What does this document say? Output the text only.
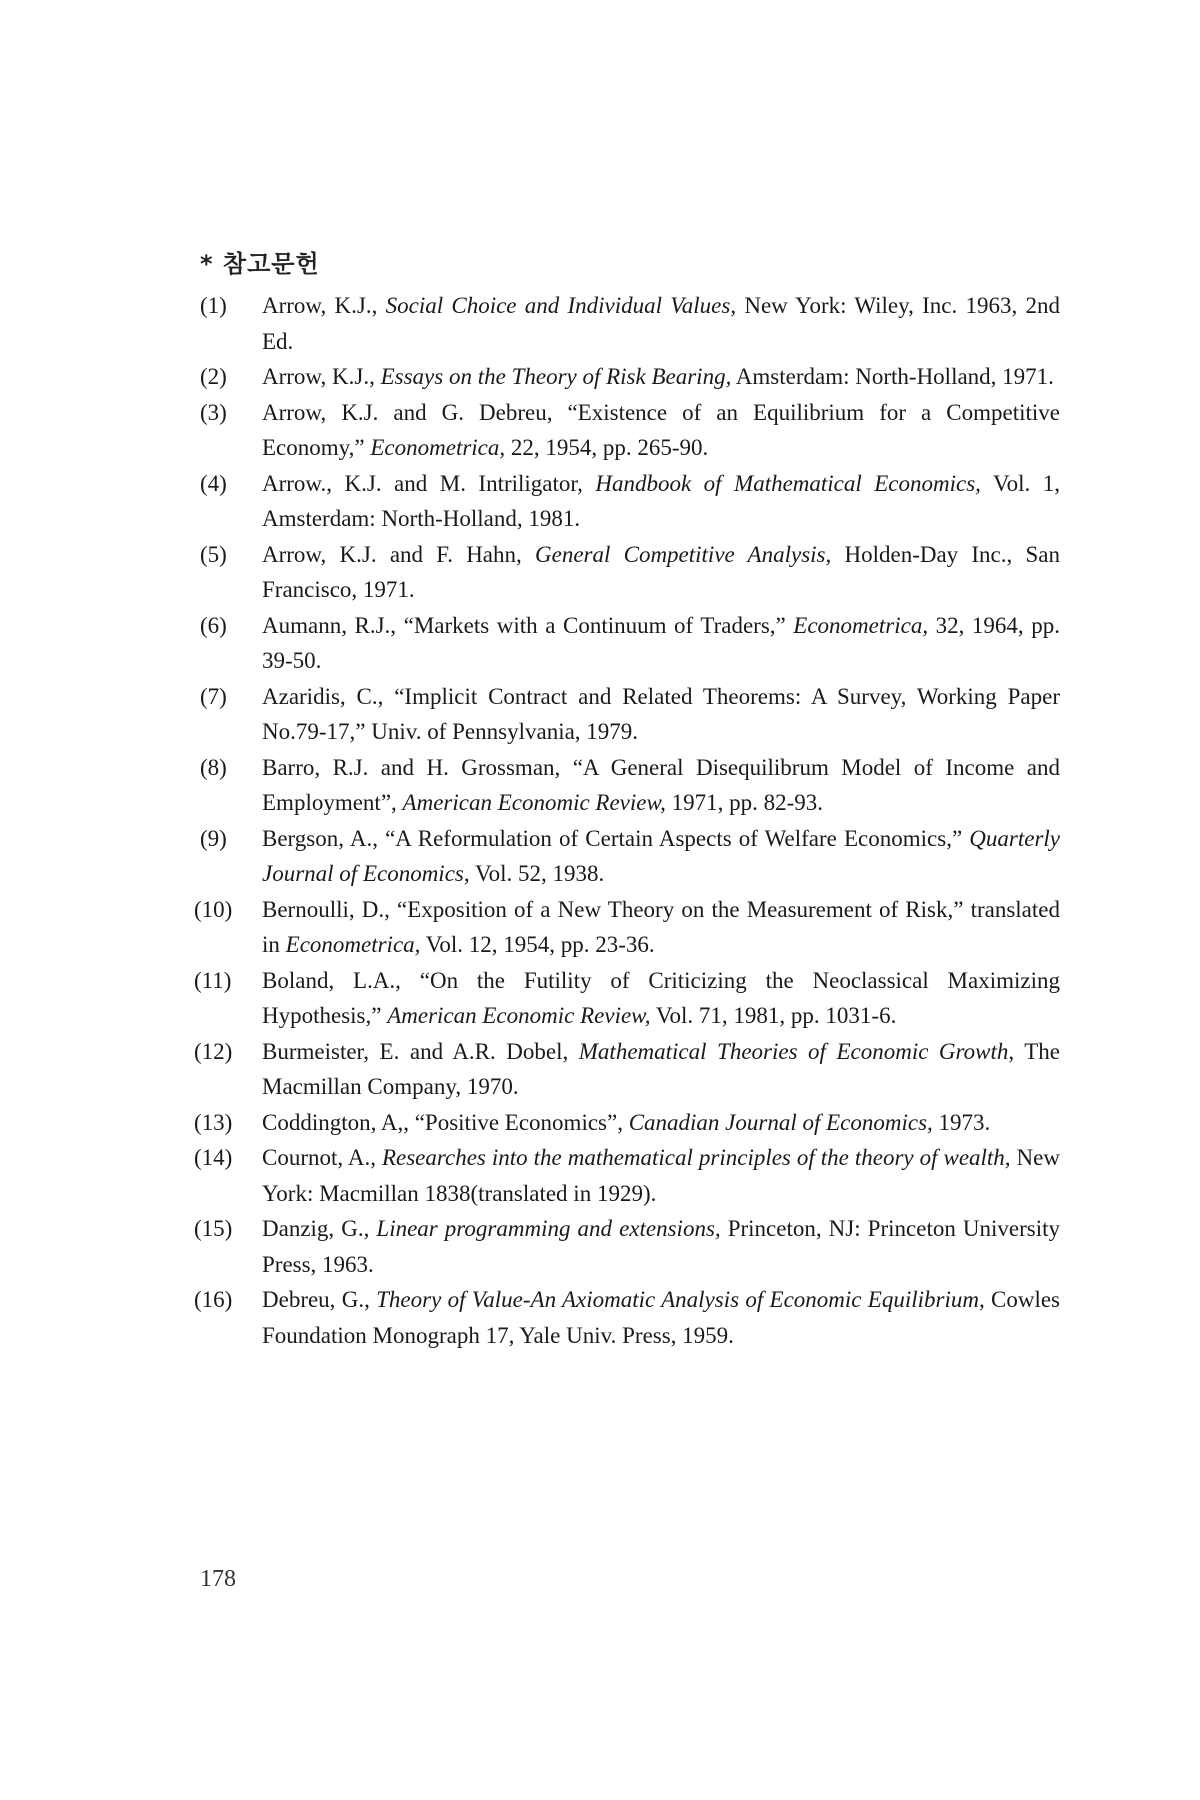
* 참고문헌
(1)	Arrow, K.J., Social Choice and Individual Values, New York: Wiley, Inc. 1963, 2nd Ed.
(2)	Arrow, K.J., Essays on the Theory of Risk Bearing, Amsterdam: North-Holland, 1971.
(3)	Arrow, K.J. and G. Debreu, “Existence of an Equilibrium for a Competitive Economy,” Econometrica, 22, 1954, pp. 265-90.
(4)	Arrow., K.J. and M. Intriligator, Handbook of Mathematical Economics, Vol. 1, Amsterdam: North-Holland, 1981.
(5)	Arrow, K.J. and F. Hahn, General Competitive Analysis, Holden-Day Inc., San Francisco, 1971.
(6)	Aumann, R.J., “Markets with a Continuum of Traders,” Econometrica, 32, 1964, pp. 39-50.
(7)	Azaridis, C., “Implicit Contract and Related Theorems: A Survey, Working Paper No.79-17,” Univ. of Pennsylvania, 1979.
(8)	Barro, R.J. and H. Grossman, “A General Disequilibrum Model of Income and Employment”, American Economic Review, 1971, pp. 82-93.
(9)	Bergson, A., “A Reformulation of Certain Aspects of Welfare Economics,” Quarterly Journal of Economics, Vol. 52, 1938.
(10)	Bernoulli, D., “Exposition of a New Theory on the Measurement of Risk,” translated in Econometrica, Vol. 12, 1954, pp. 23-36.
(11)	Boland, L.A., “On the Futility of Criticizing the Neoclassical Maximizing Hypothesis,” American Economic Review, Vol. 71, 1981, pp. 1031-6.
(12)	Burmeister, E. and A.R. Dobel, Mathematical Theories of Economic Growth, The Macmillan Company, 1970.
(13)	Coddington, A,, “Positive Economics”, Canadian Journal of Economics, 1973.
(14)	Cournot, A., Researches into the mathematical principles of the theory of wealth, New York: Macmillan 1838(translated in 1929).
(15)	Danzig, G., Linear programming and extensions, Princeton, NJ: Princeton University Press, 1963.
(16)	Debreu, G., Theory of Value-An Axiomatic Analysis of Economic Equilibrium, Cowles Foundation Monograph 17, Yale Univ. Press, 1959.
178
